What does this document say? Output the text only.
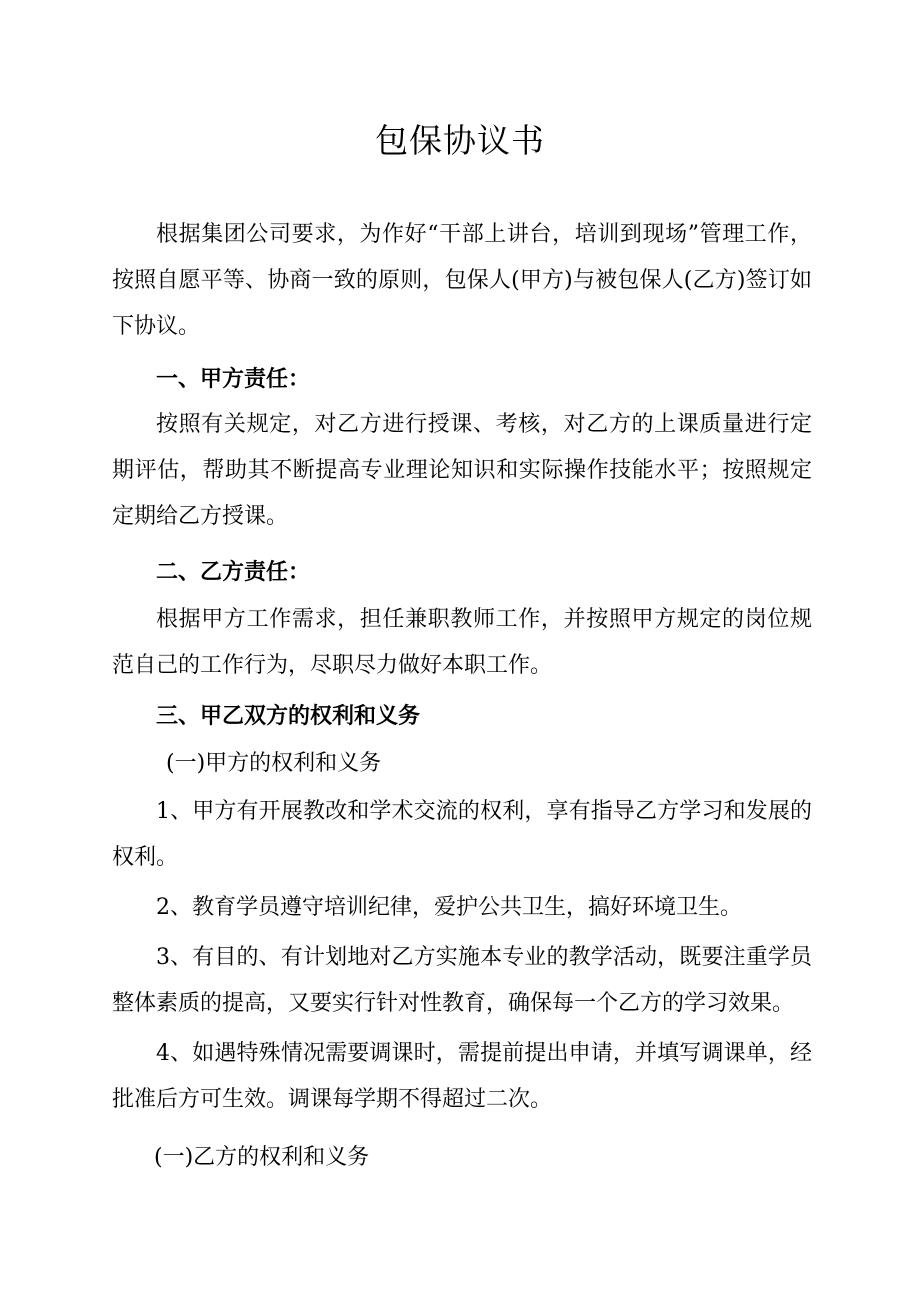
包保协议书

根据集团公司要求，为作好“干部上讲台，培训到现场”管理工作，按照自愿平等、协商一致的原则，包保人(甲方)与被包保人(乙方)签订如下协议。

一、甲方责任：

按照有关规定，对乙方进行授课、考核，对乙方的上课质量进行定期评估，帮助其不断提高专业理论知识和实际操作技能水平；按照规定定期给乙方授课。

二、乙方责任：

根据甲方工作需求，担任兼职教师工作，并按照甲方规定的岗位规范自己的工作行为，尽职尽力做好本职工作。

三、甲乙双方的权利和义务

(一)甲方的权利和义务

1、甲方有开展教改和学术交流的权利，享有指导乙方学习和发展的权利。

2、教育学员遵守培训纪律，爱护公共卫生，搞好环境卫生。

3、有目的、有计划地对乙方实施本专业的教学活动，既要注重学员整体素质的提高，又要实行针对性教育，确保每一个乙方的学习效果。

4、如遇特殊情况需要调课时，需提前提出申请，并填写调课单，经批准后方可生效。调课每学期不得超过二次。

(一)乙方的权利和义务
